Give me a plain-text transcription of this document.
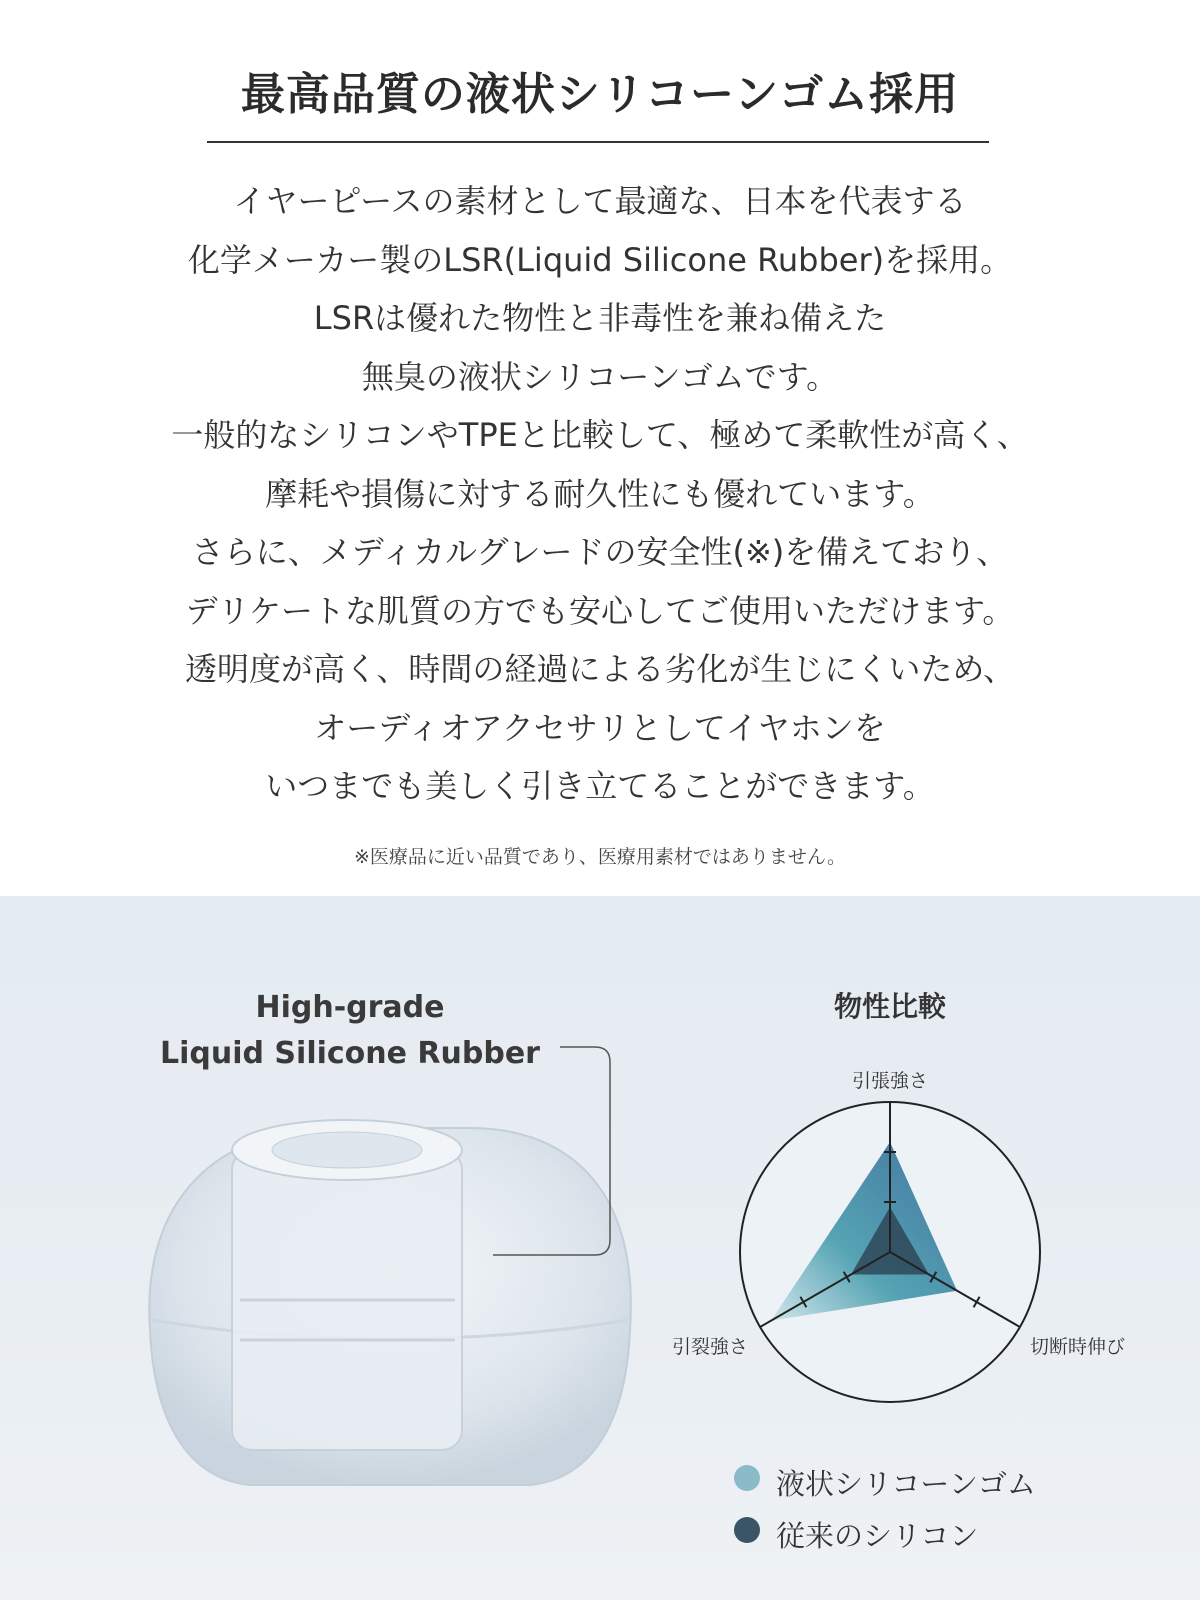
最高品質の液状シリコーンゴム採用
イヤーピースの素材として最適な、日本を代表する
化学メーカー製のLSR(Liquid Silicone Rubber)を採用。
LSRは優れた物性と非毒性を兼ね備えた
無臭の液状シリコーンゴムです。
一般的なシリコンやTPEと比較して、極めて柔軟性が高く、
摩耗や損傷に対する耐久性にも優れています。
さらに、メディカルグレードの安全性(※)を備えており、
デリケートな肌質の方でも安心してご使用いただけます。
透明度が高く、時間の経過による劣化が生じにくいため、
オーディオアクセサリとしてイヤホンを
いつまでも美しく引き立てることができます。
※医療品に近い品質であり、医療用素材ではありません。
High-grade
Liquid Silicone Rubber
物性比較
引張強さ
切断時伸び
引裂強さ
液状シリコーンゴム
従来のシリコン
